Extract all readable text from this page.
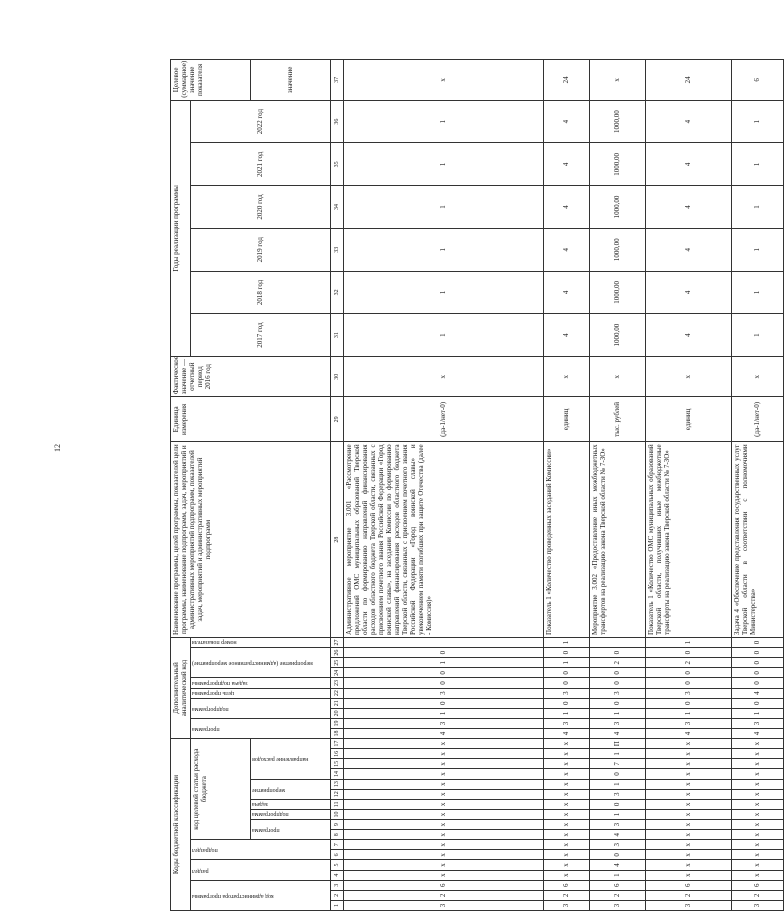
12
Коды бюджетной классификации																	Дополнительный аналитический код										Наименование программы, целей программы, показателей цели программы, наименование подпрограмм, задач, мероприятий и административных мероприятий подпрограмм, показателей задач, мероприятий и административных мероприятий подпрограмм	Единица измерения	Фактическое значение — отчетный период 2016 год	Годы реализации программы						Целевое (суммарное) значение показателя

код администратора программы			раздел		подраздел		код целевой статьи расхода бюджета										программа		подпрограмма		цель программы	задача подпрограммы	мероприятие (административное мероприятие)			номер показателя				2017 год	2018 год	2019 год	2020 год	2021 год	2022 год	

							программа		подпрограмма	задача	мероприятие		направление расходов																							значение
1	2	3	4	5	6	7	8	9	10	11	12	13	14	15	16	17	18	19	20	21	22	23	24	25	26	27	28	29	30	31	32	33	34	35	36	37
3	2	6	x	x	x	x	x	x	x	x	x	x	x	x	x	x	4	3	1	0	3	0	0	1	0		Административное мероприятие 3.001 «Рассмотрение предложений ОМС муниципальных образований Тверской области по формированию направлений финансирования расходов областного бюджета Тверской области, связанных с присвоением почетного звания Российской Федерации «Город воинской славы», на заседании Комиссии по формированию направлений финансирования расходов областного бюджета Тверской области, связанных с присвоением почетного звания Российской Федерации «Город воинской славы» и увековечением памяти погибших при защите Отечества (далее - Комиссия)»	(да-1/нет-0)	x	1	1	1	1	1	1	x
3	2	6	x	x	x	x	x	x	x	x	x	x	x	x	x	x	4	3	1	0	3	0	0	1	0	1	Показатель 1 «Количество проведенных заседаний Комиссии»	единиц	x	4	4	4	4	4	4	24
3	2	6	1	4	0	3	4	3	1	0	3	1	0	7	1	П	4	3	1	0	3	0	0	2	0		Мероприятие 3.002 «Предоставление иных межбюджетных трансфертов на реализацию закона Тверской области № 7-ЗО»	тыс. рублей	x	1000,00	1000,00	1000,00	1000,00	1000,00	1000,00	x
3	2	6	x	x	x	x	x	x	x	x	x	x	x	x	x	x	4	3	1	0	3	0	0	2	0	1	Показатель 1 «Количество ОМС муниципальных образований Тверской области, получивших иные межбюджетные трансферты на реализацию закона Тверской области № 7-ЗО»	единиц	x	4	4	4	4	4	4	24
3	2	6	x	x	x	x	x	x	x	x	x	x	x	x	x	x	4	3	1	0	4	0	0	0	0	0	Задача 4 «Обеспечение представления государственных услуг Тверской области в соответствии с полномочиями Министерства»	(да-1/нет-0)	x	1	1	1	1	1	1	6
